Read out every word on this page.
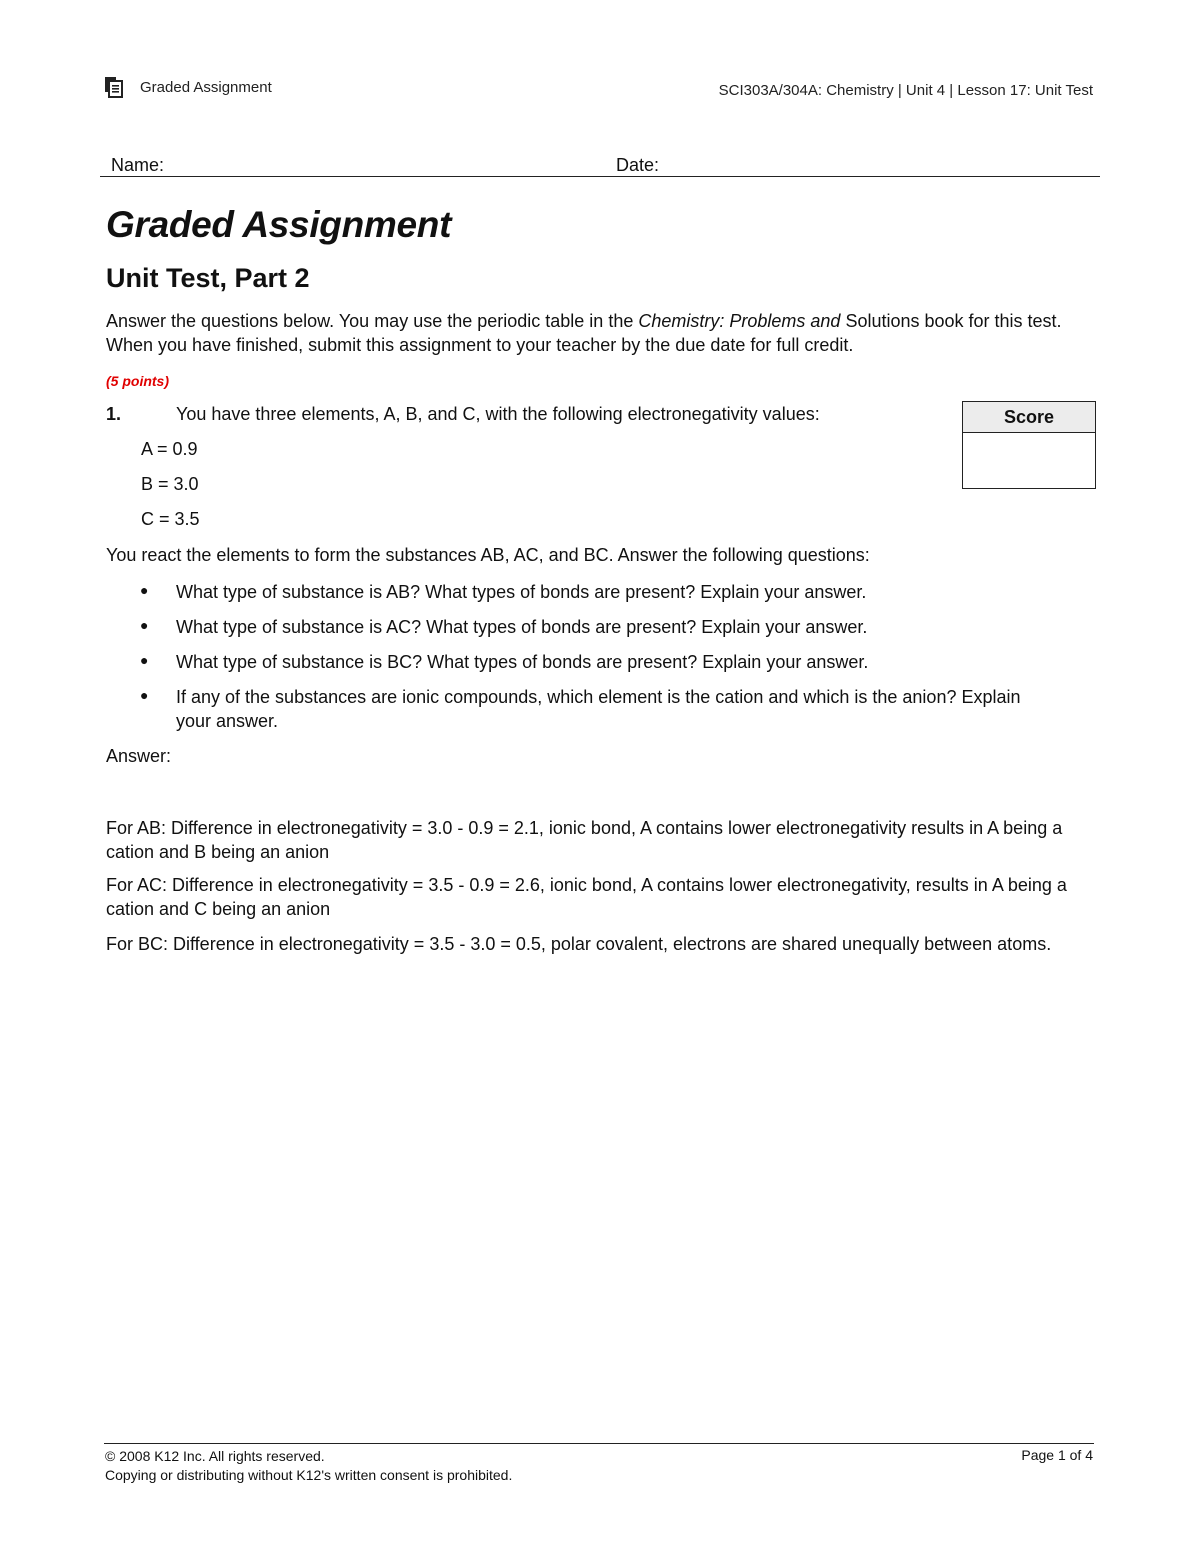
Graded Assignment	SCI303A/304A: Chemistry | Unit 4 | Lesson 17: Unit Test
Name:	Date:
Graded Assignment
Unit Test, Part 2
Answer the questions below. You may use the periodic table in the Chemistry: Problems and Solutions book for this test. When you have finished, submit this assignment to your teacher by the due date for full credit.
(5 points)
1.	You have three elements, A, B, and C, with the following electronegativity values:
A = 0.9
B = 3.0
C = 3.5
You react the elements to form the substances AB, AC, and BC. Answer the following questions:
● What type of substance is AB? What types of bonds are present? Explain your answer.
● What type of substance is AC? What types of bonds are present? Explain your answer.
● What type of substance is BC? What types of bonds are present? Explain your answer.
● If any of the substances are ionic compounds, which element is the cation and which is the anion? Explain your answer.
Answer:
For AB: Difference in electronegativity = 3.0 - 0.9 = 2.1, ionic bond, A contains lower electronegativity results in A being a cation and B being an anion
For AC: Difference in electronegativity = 3.5 - 0.9 = 2.6, ionic bond, A contains lower electronegativity, results in A being a cation and C being an anion
For BC: Difference in electronegativity = 3.5 - 3.0 = 0.5, polar covalent, electrons are shared unequally between atoms.
Score
© 2008 K12 Inc. All rights reserved.
Copying or distributing without K12's written consent is prohibited.
Page 1 of 4
